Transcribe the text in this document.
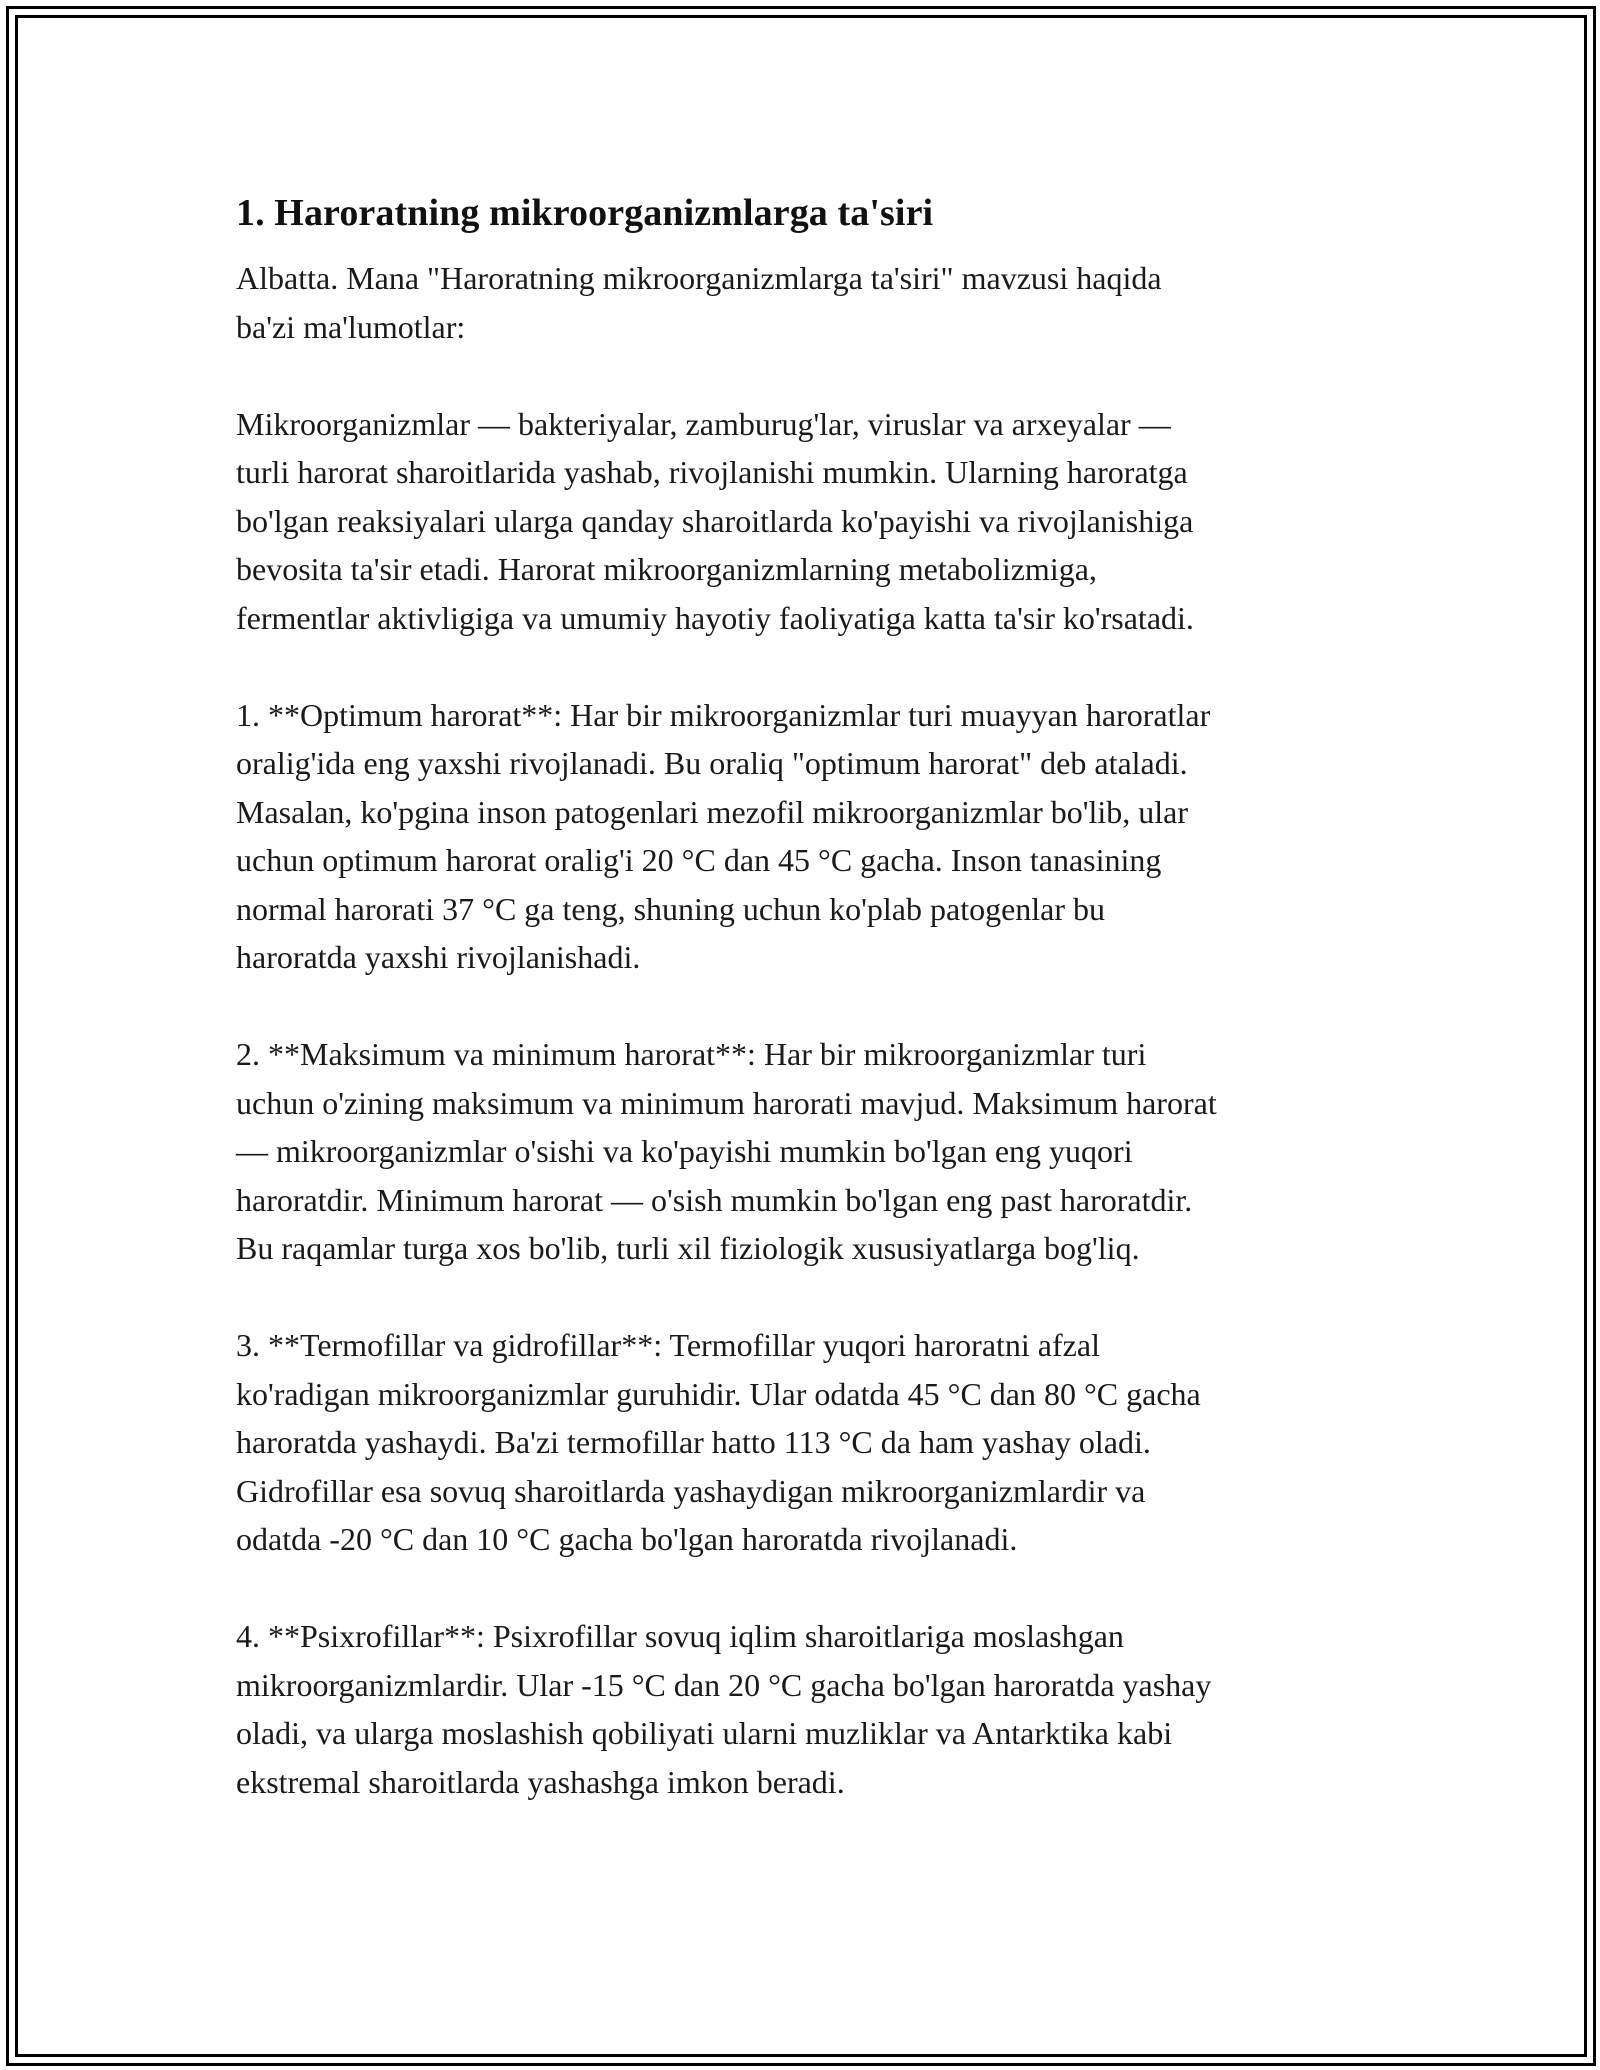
1. Haroratning mikroorganizmlarga ta'siri

Albatta. Mana "Haroratning mikroorganizmlarga ta'siri" mavzusi haqida
ba'zi ma'lumotlar:

Mikroorganizmlar — bakteriyalar, zamburug'lar, viruslar va arxeyalar —
turli harorat sharoitlarida yashab, rivojlanishi mumkin. Ularning haroratga
bo'lgan reaksiyalari ularga qanday sharoitlarda ko'payishi va rivojlanishiga
bevosita ta'sir etadi. Harorat mikroorganizmlarning metabolizmiga,
fermentlar aktivligiga va umumiy hayotiy faoliyatiga katta ta'sir ko'rsatadi.

1. **Optimum harorat**: Har bir mikroorganizmlar turi muayyan haroratlar
oralig'ida eng yaxshi rivojlanadi. Bu oraliq "optimum harorat" deb ataladi.
Masalan, ko'pgina inson patogenlari mezofil mikroorganizmlar bo'lib, ular
uchun optimum harorat oralig'i 20 °C dan 45 °C gacha. Inson tanasining
normal harorati 37 °C ga teng, shuning uchun ko'plab patogenlar bu
haroratda yaxshi rivojlanishadi.

2. **Maksimum va minimum harorat**: Har bir mikroorganizmlar turi
uchun o'zining maksimum va minimum harorati mavjud. Maksimum harorat
— mikroorganizmlar o'sishi va ko'payishi mumkin bo'lgan eng yuqori
haroratdir. Minimum harorat — o'sish mumkin bo'lgan eng past haroratdir.
Bu raqamlar turga xos bo'lib, turli xil fiziologik xususiyatlarga bog'liq.

3. **Termofillar va gidrofillar**: Termofillar yuqori haroratni afzal
ko'radigan mikroorganizmlar guruhidir. Ular odatda 45 °C dan 80 °C gacha
haroratda yashaydi. Ba'zi termofillar hatto 113 °C da ham yashay oladi.
Gidrofillar esa sovuq sharoitlarda yashaydigan mikroorganizmlardir va
odatda -20 °C dan 10 °C gacha bo'lgan haroratda rivojlanadi.

4. **Psixrofillar**: Psixrofillar sovuq iqlim sharoitlariga moslashgan
mikroorganizmlardir. Ular -15 °C dan 20 °C gacha bo'lgan haroratda yashay
oladi, va ularga moslashish qobiliyati ularni muzliklar va Antarktika kabi
ekstremal sharoitlarda yashashga imkon beradi.
